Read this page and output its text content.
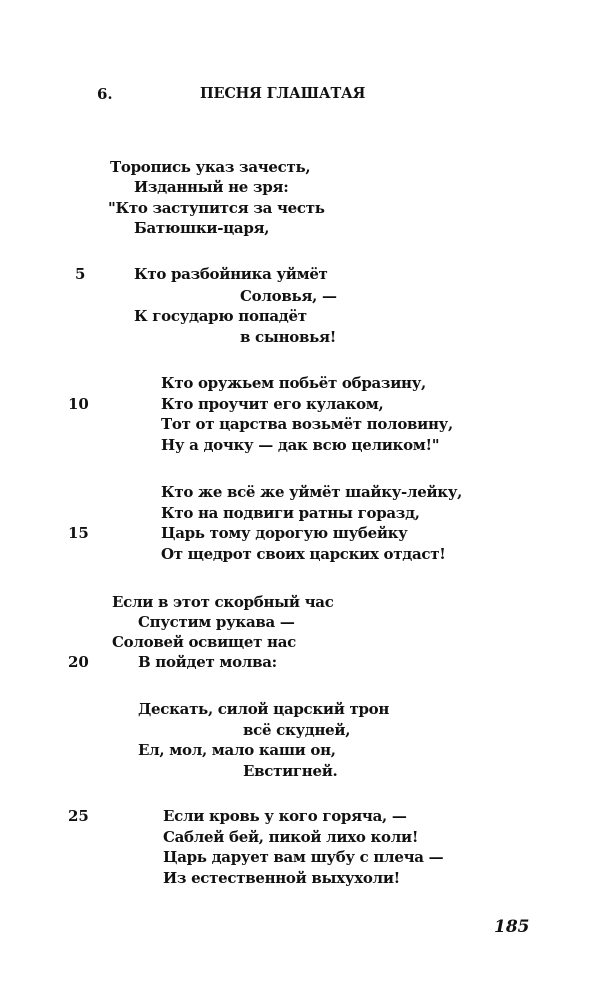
6.	ПЕСНЯ ГЛАШАТАЯ
Торопись указ зачесть,
Изданный не зря:
"Кто заступится за честь
Батюшки-царя,
5	Кто разбойника уймёт
Соловья, —
К государю попадёт
в сыновья!
Кто оружьем побьёт образину,
10	Кто проучит его кулаком,
Тот от царства возьмёт половину,
Ну а дочку — дак всю целиком!"
Кто же всё же уймёт шайку-лейку,
Кто на подвиги ратны горазд,
15	Царь тому дорогую шубейку
От щедрот своих царских отдаст!
Если в этот скорбный час
Спустим рукава —
Соловей освищет нас
20	В пойдет молва:
Дескать, силой царский трон
всё скудней,
Ел, мол, мало каши он,
Евстигней.
25	Если кровь у кого горяча, —
Саблей бей, пикой лихо коли!
Царь дарует вам шубу с плеча —
Из естественной выхухоли!
185
